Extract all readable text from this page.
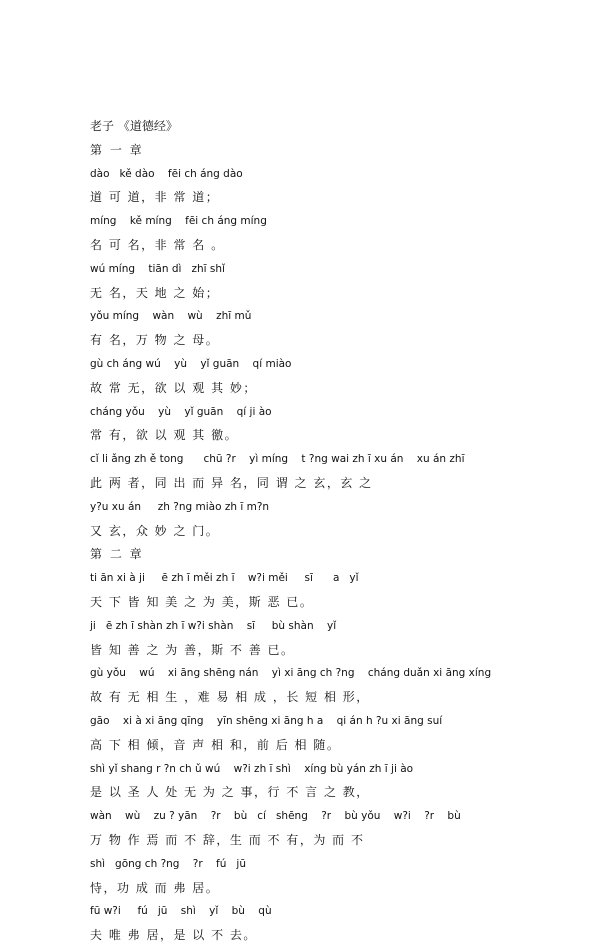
老子 《道德经》
第 一 章
dào   kě dào    fēi ch áng dào
道 可 道，非 常 道；
míng    kě míng    fēi ch áng míng
名 可 名，非 常 名 。
wú míng    tiān dì   zhī shǐ
无 名，天 地 之 始；
yǒu míng    wàn    wù    zhī mǔ
有 名，万 物 之 母。
gù ch áng wú    yù    yǐ guān    qí miào
故 常 无，欲 以 观 其 妙；
cháng yǒu    yù    yǐ guān    qí ji ào
常 有，欲 以 观 其 徼。
cǐ li ǎng zh ě tong      chū ?r    yì míng    t ?ng wai zh ī xu án    xu án zhī
此 两 者，同 出 而 异 名，同 谓 之 玄，玄 之
y?u xu án     zh ?ng miào zh ī m?n
又 玄，众 妙 之 门。
第 二 章
ti ān xi à ji     ē zh ī měi zh ī    w?i měi     sī      a   yǐ
天 下 皆 知 美 之 为 美，斯 恶 已。
ji   ē zh ī shàn zh ī w?i shàn    sī     bù shàn    yǐ
皆 知 善 之 为 善，斯 不 善 已。
gù yǒu    wú    xi āng shēng nán    yì xi āng ch ?ng    cháng duǎn xi āng xíng
故 有 无 相 生 ，难 易 相 成 ，长 短 相 形，
gāo    xi à xi āng qīng    yīn shēng xi āng h a    qi án h ?u xi āng suí
高 下 相 倾，音 声 相 和，前 后 相 随。
shì yǐ shang r ?n ch ǔ wú    w?i zh ī shì    xíng bù yán zh ī ji ào
是 以 圣 人 处 无 为 之 事，行 不 言 之 教，
wàn    wù    zu ? yān    ?r    bù   cí   shēng    ?r    bù yǒu    w?i    ?r    bù
万 物 作 焉 而 不 辞，生 而 不 有，为 而 不
shì   gōng ch ?ng    ?r    fú   jū
恃，功 成 而 弗 居。
fū w?i     fú   jū    shì    yǐ    bù    qù
夫 唯 弗 居，是 以 不 去。
